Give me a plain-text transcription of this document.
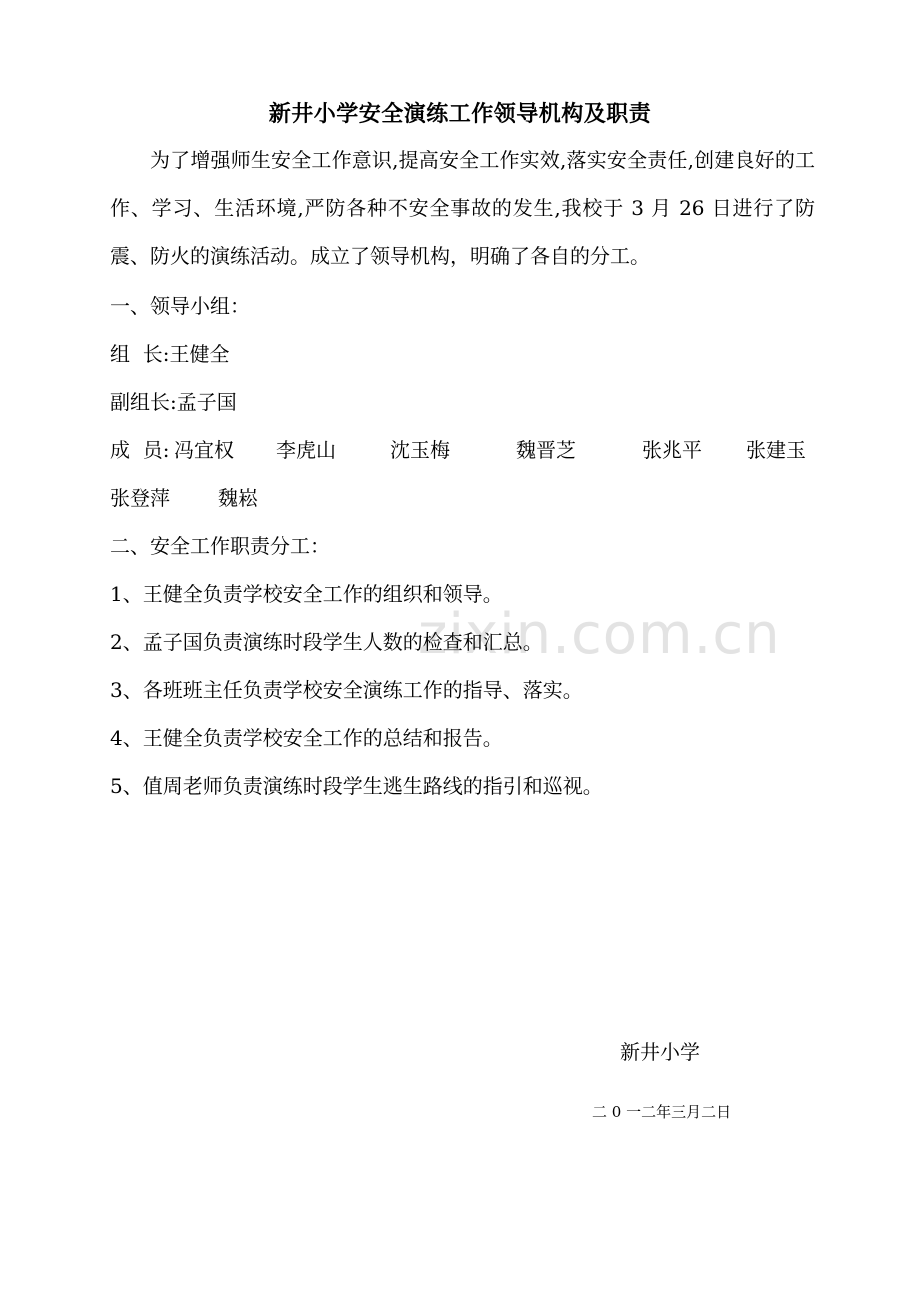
zixin.com.cn
新井小学安全演练工作领导机构及职责
为了增强师生安全工作意识,提高安全工作实效,落实安全责任,创建良好的工作、学习、生活环境,严防各种不安全事故的发生,我校于 3 月 26 日进行了防震、防火的演练活动。成立了领导机构，明确了各自的分工。
一、领导小组：
组  长:王健全
副组长:孟子国
成  员: 冯宜权 李虎山	沈玉梅	魏晋芝	张兆平 张建玉
张登萍 魏崧
二、安全工作职责分工：
1、王健全负责学校安全工作的组织和领导。
2、孟子国负责演练时段学生人数的检查和汇总。
3、各班班主任负责学校安全演练工作的指导、落实。
4、王健全负责学校安全工作的总结和报告。
5、值周老师负责演练时段学生逃生路线的指引和巡视。
新井小学
二 0 一二年三月二日
